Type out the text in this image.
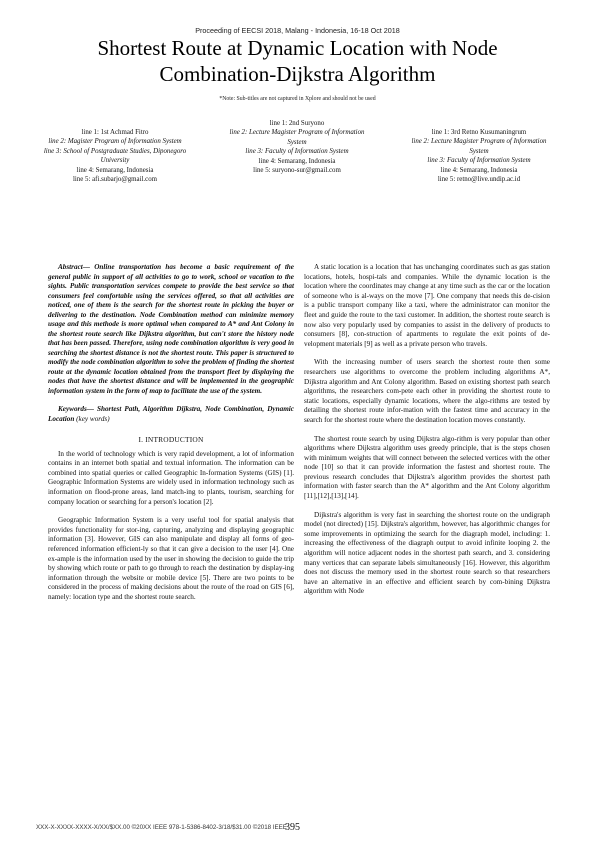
Proceeding of EECSI 2018, Malang - Indonesia, 16-18 Oct 2018
Shortest Route at Dynamic Location with Node
Combination-Dijkstra Algorithm
*Note: Sub-titles are not captured in Xplore and should not be used
line 1: 1st Achmad Fitro
line 2: Magister Program of Information System
line 3: School of Postgraduate Studies, Diponegoro University
line 4: Semarang, Indonesia
line 5: afi.subarjo@gmail.com
line 1: 2nd Suryono
line 2: Lecture Magister Program of Information System
line 3: Faculty of Information System
line 4: Semarang, Indonesia
line 5: suryono-sur@gmail.com
line 1: 3rd Retno Kusumaningrum
line 2: Lecture Magister Program of Information System
line 3: Faculty of Information System
line 4: Semarang, Indonesia
line 5: retno@live.undip.ac.id

Abstract— Online transportation has become a basic requirement of the general public in support of all activities to go to work, school or vacation to the sights. Public transportation services compete to provide the best service so that consumers feel comfortable using the services offered, so that all activities are noticed, one of them is the search for the shortest route in picking the buyer or delivering to the destination. Node Combination method can minimize memory usage and this methode is more optimal when compared to A* and Ant Colony in the shortest route search like Dijkstra algorithm, but can't store the history node that has been passed. Therefore, using node combination algorithm is very good in searching the shortest distance is not the shortest route. This paper is structured to modify the node combination algorithm to solve the problem of finding the shortest route at the dynamic location obtained from the transport fleet by displaying the nodes that have the shortest distance and will be implemented in the geographic information system in the form of map to facilitate the use of the system.

Keywords— Shortest Path, Algorithm Dijkstra, Node Combination, Dynamic Location (key words)

I. INTRODUCTION

In the world of technology which is very rapid development, a lot of information contains in an internet both spatial and textual information. The information can be combined into spatial queries or called Geographic In-formation Systems (GIS) [1]. Geographic Information Systems are widely used in information technology such as information on flood-prone areas, land match-ing to plants, tourism, searching for company location or searching for a person's location [2].

Geographic Information System is a very useful tool for spatial analysis that provides functionality for stor-ing, capturing, analyzing and displaying geographic information [3]. However, GIS can also manipulate and display all forms of geo-referenced information efficient-ly so that it can give a decision to the user [4]. One ex-ample is the information used by the user in showing the decision to guide the trip by showing which route or path to go through to reach the destination by display-ing information through the website or mobile device [5]. There are two points to be considered in the process of making decisions about the route of the road on GIS [6], namely: location type and the shortest route search.

A static location is a location that has unchanging coordinates such as gas station locations, hotels, hospi-tals and companies. While the dynamic location is the location where the coordinates may change at any time such as the car or the location of someone who is al-ways on the move [7]. One company that needs this de-cision is a public transport company like a taxi, where the administrator can monitor the fleet and guide the route to the taxi customer. In addition, the shortest route search is now also very popularly used by companies to assist in the delivery of products to consumers [8], con-struction of apartments to regulate the exit points of de-velopment materials [9] as well as a private person who travels.

With the increasing number of users search the shortest route then some researchers use algorithms to overcome the problem including algorithms A*, Dijkstra algorithm and Ant Colony algorithm. Based on existing shortest path search algorithms, the researchers com-pete each other in providing the shortest route to static locations, especially dynamic locations, where the algo-rithms are tested by detailing the shortest route infor-mation with the fastest time and accuracy in the search for the shortest route where the destination location moves constantly.

The shortest route search by using Dijkstra algo-rithm is very popular than other algorithms where Dijkstra algorithm uses greedy principle, that is the steps chosen with minimum weights that will connect between the selected vertices with the other node [10] so that it can provide information the fastest and shortest route. The previous research concludes that Dijkstra's algorithm provides the shortest path information with faster search than the A* algorithm and the Ant Colony algorithm [11],[12],[13],[14].

Dijkstra's algorithm is very fast in searching the shortest route on the undigraph model (not directed) [15]. Dijkstra's algorithm, however, has algorithmic changes for some improvements in optimizing the search for the diagraph model, including: 1. increasing the effectiveness of the diagraph output to avoid infinite looping 2. the algorithm will notice adjacent nodes in the shortest path search, and 3. considering many vertices that can separate labels simultaneously [16]. However, this algorithm does not discuss the memory used in the shortest route search so that researchers have an alternative in an effective and efficient search by com-bining Dijkstra algorithm with Node

XXX-X-XXXX-XXXX-X/XX/$XX.00 ©20XX IEEE 978-1-5386-8402-3/18/$31.00 ©2018 IEEE
395
